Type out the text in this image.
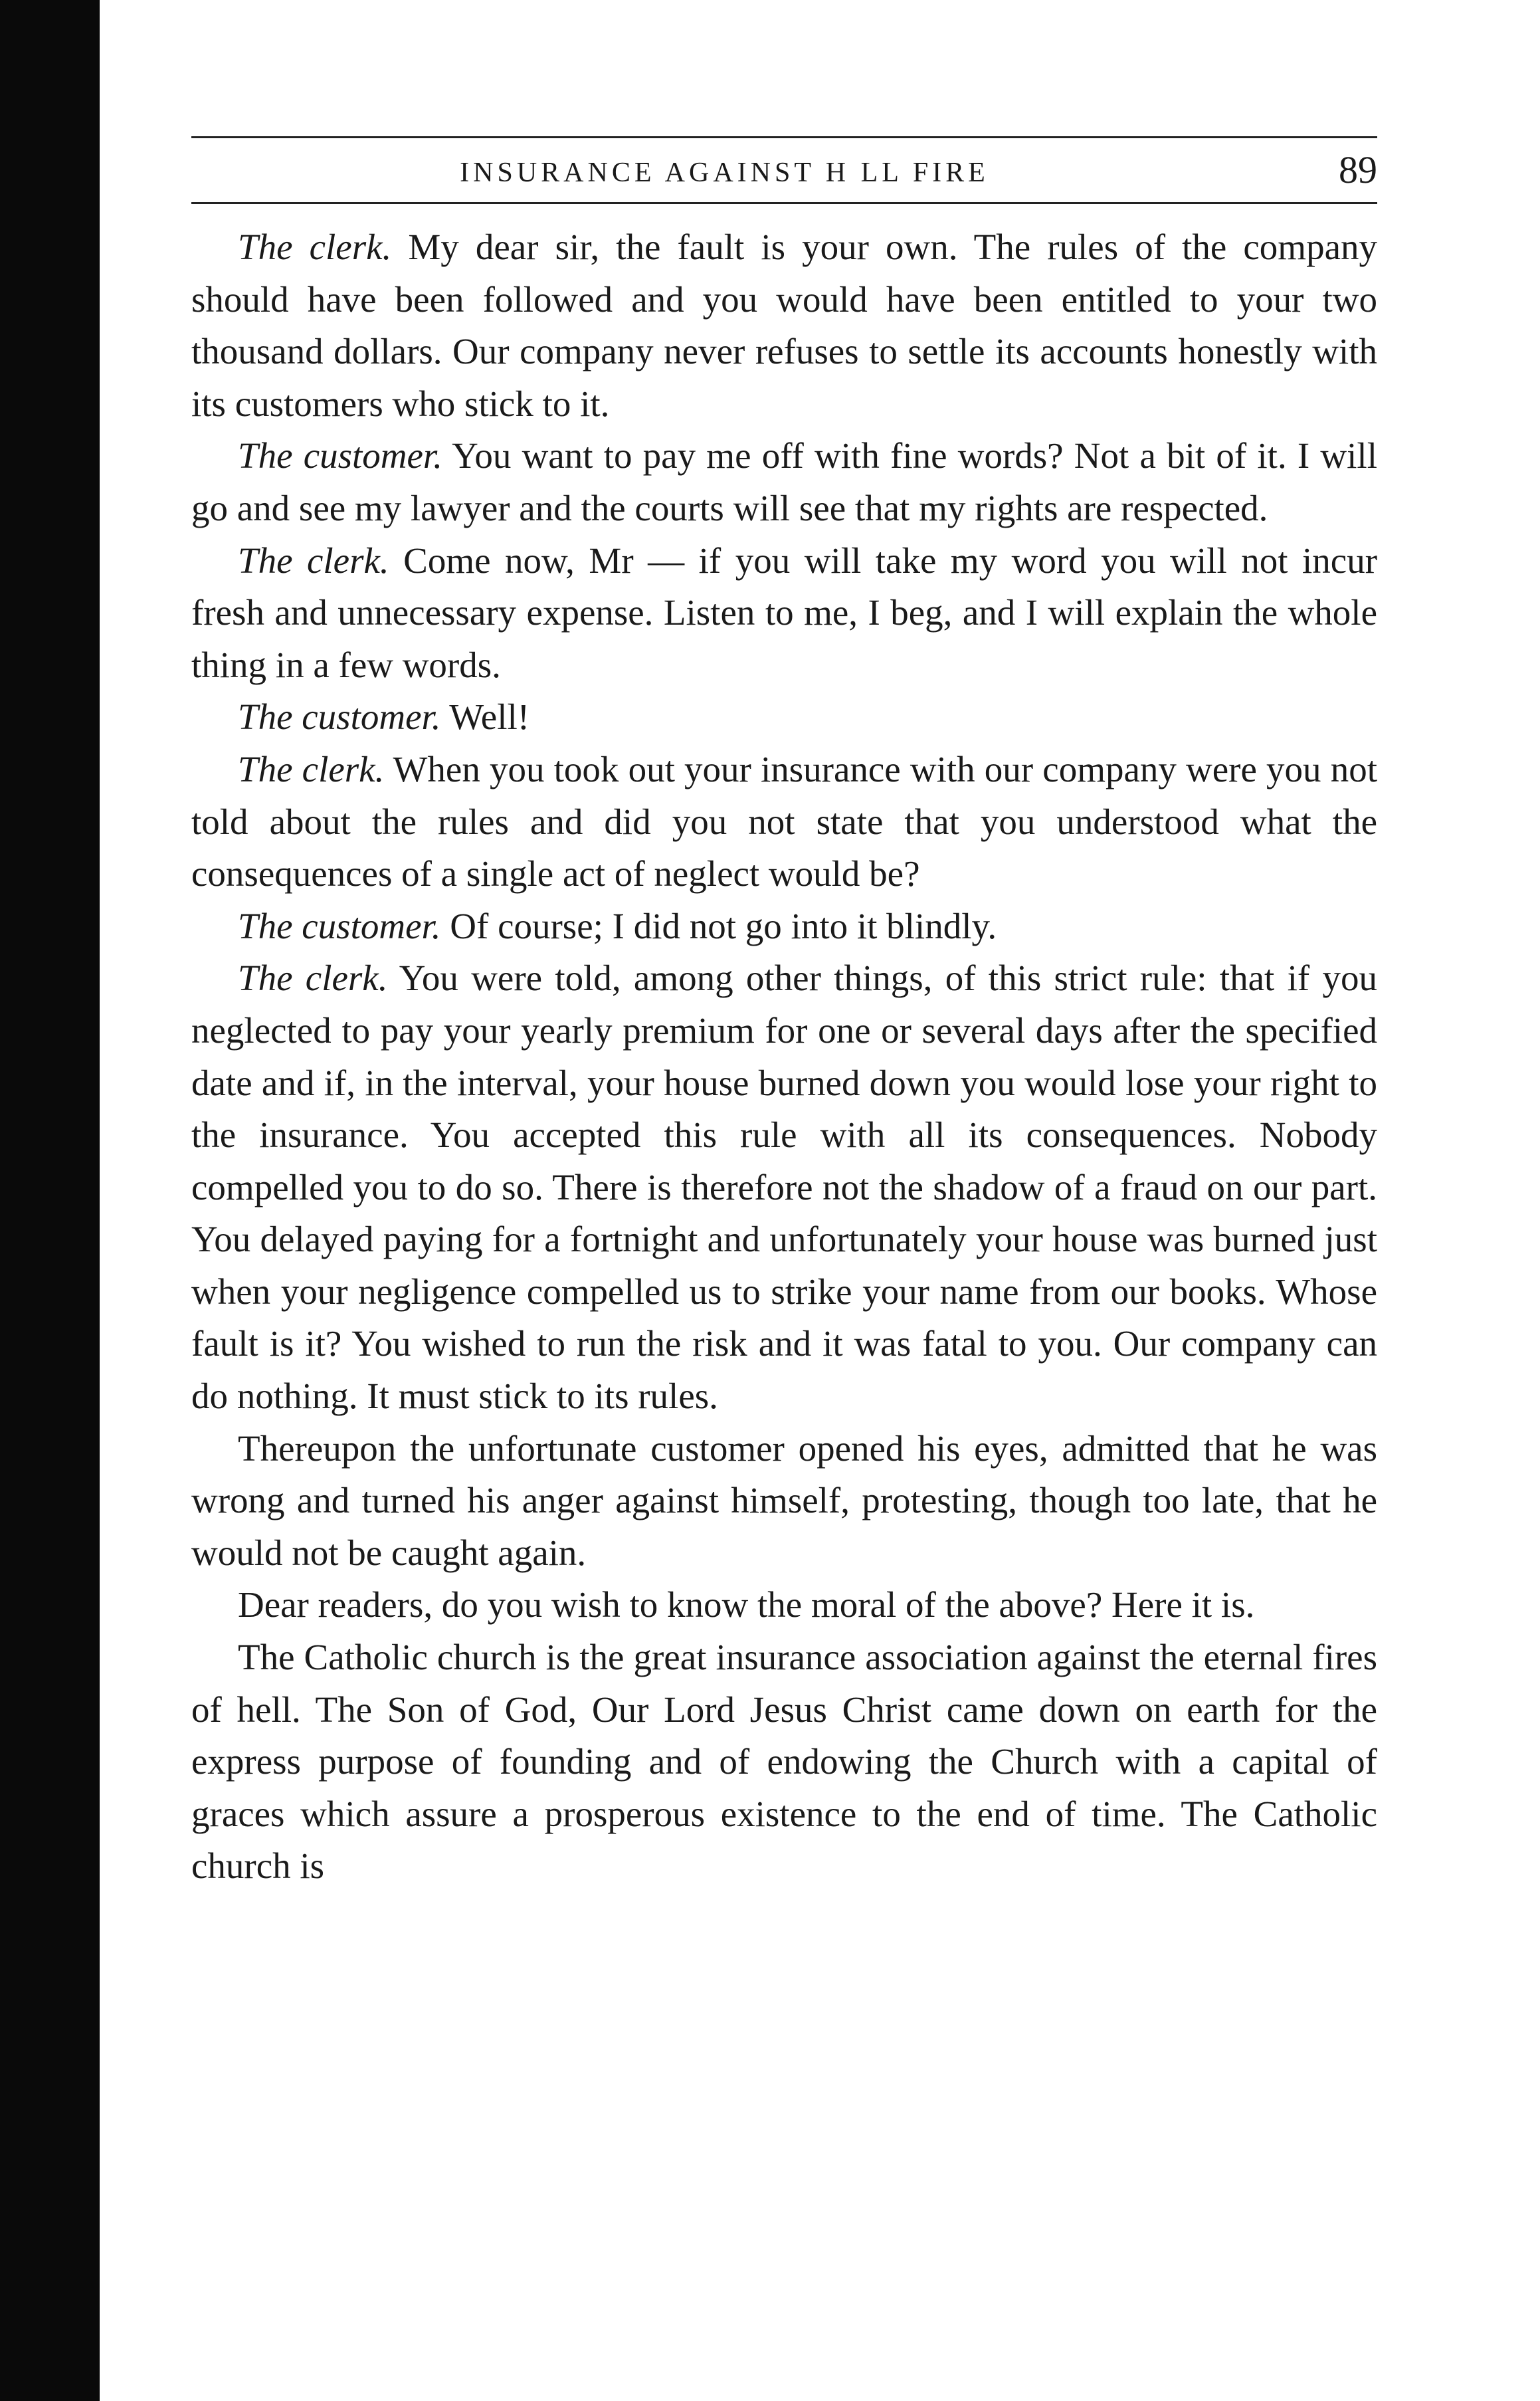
INSURANCE AGAINST H LL FIRE	89

The clerk. My dear sir, the fault is your own. The rules of the company should have been followed and you would have been entitled to your two thousand dollars. Our company never refuses to settle its accounts honestly with its customers who stick to it.

The customer. You want to pay me off with fine words? Not a bit of it. I will go and see my lawyer and the courts will see that my rights are respected.

The clerk. Come now, Mr — if you will take my word you will not incur fresh and unnecessary expense. Listen to me, I beg, and I will explain the whole thing in a few words.

The customer. Well!

The clerk. When you took out your insurance with our company were you not told about the rules and did you not state that you understood what the consequences of a single act of neglect would be?

The customer. Of course; I did not go into it blindly.

The clerk. You were told, among other things, of this strict rule: that if you neglected to pay your yearly premium for one or several days after the specified date and if, in the interval, your house burned down you would lose your right to the insurance. You accepted this rule with all its consequences. Nobody compelled you to do so. There is therefore not the shadow of a fraud on our part. You delayed paying for a fortnight and unfortunately your house was burned just when your negligence compelled us to strike your name from our books. Whose fault is it? You wished to run the risk and it was fatal to you. Our company can do nothing. It must stick to its rules.

Thereupon the unfortunate customer opened his eyes, admitted that he was wrong and turned his anger against himself, protesting, though too late, that he would not be caught again.

Dear readers, do you wish to know the moral of the above? Here it is.

The Catholic church is the great insurance association against the eternal fires of hell. The Son of God, Our Lord Jesus Christ came down on earth for the express purpose of founding and of endowing the Church with a capital of graces which assure a prosperous existence to the end of time. The Catholic church is
